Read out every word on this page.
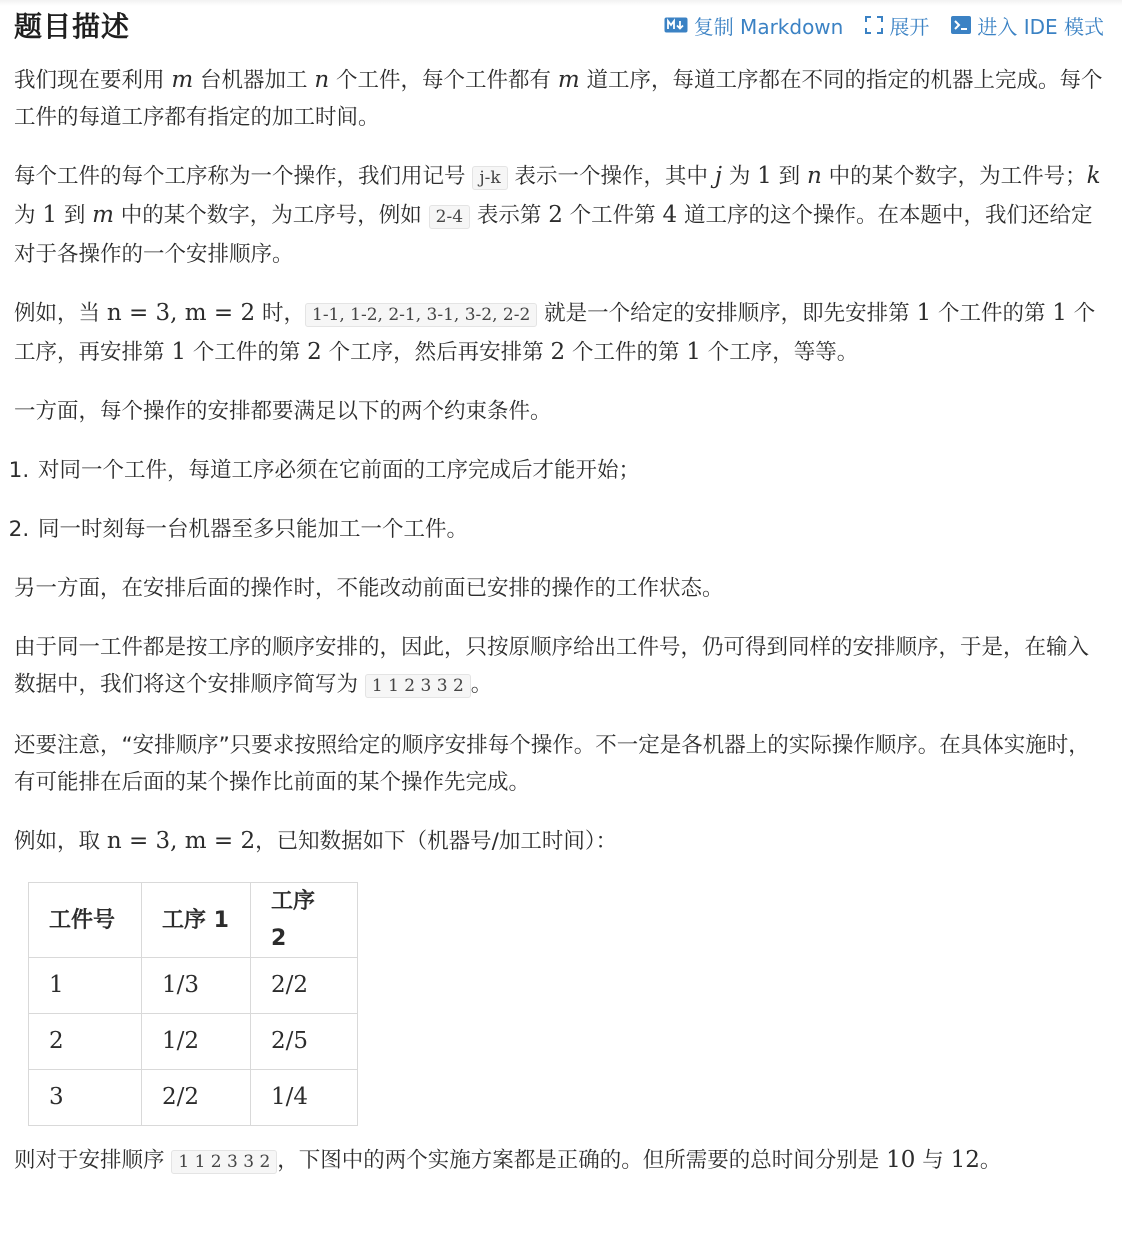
题目描述	复制 Markdown 展开 进入 IDE 模式

我们现在要利用 m 台机器加工 n 个工件，每个工件都有 m 道工序，每道工序都在不同的指定的机器上完成。每个工件的每道工序都有指定的加工时间。

每个工件的每个工序称为一个操作，我们用记号 j-k 表示一个操作，其中 j 为 1 到 n 中的某个数字，为工件号；k 为 1 到 m 中的某个数字，为工序号，例如 2-4 表示第 2 个工件第 4 道工序的这个操作。在本题中，我们还给定对于各操作的一个安排顺序。

例如，当 n = 3, m = 2 时， 1-1, 1-2, 2-1, 3-1, 3-2, 2-2 就是一个给定的安排顺序，即先安排第 1 个工件的第 1 个工序，再安排第 1 个工件的第 2 个工序，然后再安排第 2 个工件的第 1 个工序，等等。

一方面，每个操作的安排都要满足以下的两个约束条件。

1. 对同一个工件，每道工序必须在它前面的工序完成后才能开始；
2. 同一时刻每一台机器至多只能加工一个工件。

另一方面，在安排后面的操作时，不能改动前面已安排的操作的工作状态。

由于同一工件都是按工序的顺序安排的，因此，只按原顺序给出工件号，仍可得到同样的安排顺序，于是，在输入数据中，我们将这个安排顺序简写为 1 1 2 3 3 2 。

还要注意，“安排顺序”只要求按照给定的顺序安排每个操作。不一定是各机器上的实际操作顺序。在具体实施时，有可能排在后面的某个操作比前面的某个操作先完成。

例如，取 n = 3, m = 2，已知数据如下（机器号/加工时间）：

工件号	工序 1	工序 2
1	1/3	2/2
2	1/2	2/5
3	2/2	1/4

则对于安排顺序 1 1 2 3 3 2 ，下图中的两个实施方案都是正确的。但所需要的总时间分别是 10 与 12。
